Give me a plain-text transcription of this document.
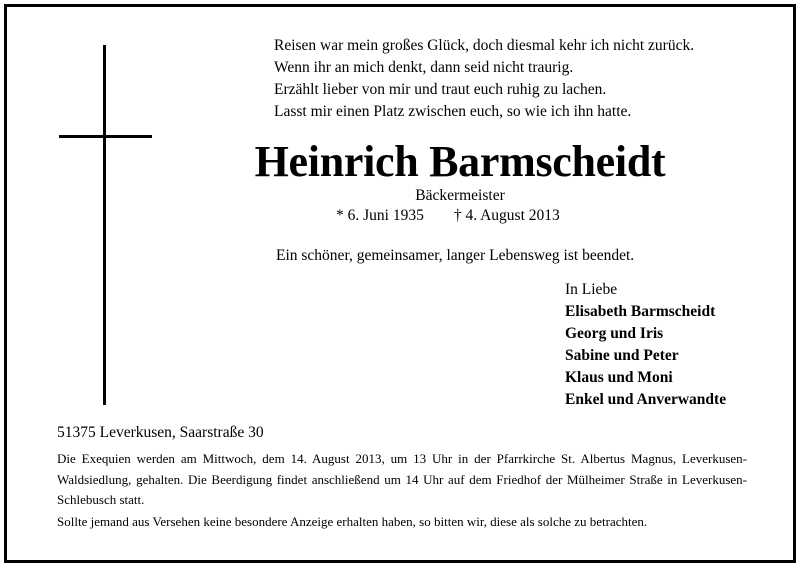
Reisen war mein großes Glück, doch diesmal kehr ich nicht zurück.
Wenn ihr an mich denkt, dann seid nicht traurig.
Erzählt lieber von mir und traut euch ruhig zu lachen.
Lasst mir einen Platz zwischen euch, so wie ich ihn hatte.
Heinrich Barmscheidt
Bäckermeister
* 6. Juni 1935 † 4. August 2013
Ein schöner, gemeinsamer, langer Lebensweg ist beendet.
In Liebe
Elisabeth Barmscheidt
Georg und Iris
Sabine und Peter
Klaus und Moni
Enkel und Anverwandte
51375 Leverkusen, Saarstraße 30
Die Exequien werden am Mittwoch, dem 14. August 2013, um 13 Uhr in der Pfarrkirche St. Albertus Magnus, Leverkusen-Waldsiedlung, gehalten. Die Beerdigung findet anschließend um 14 Uhr auf dem Friedhof der Mülheimer Straße in Leverkusen-Schlebusch statt.
Sollte jemand aus Versehen keine besondere Anzeige erhalten haben, so bitten wir, diese als solche zu betrachten.
